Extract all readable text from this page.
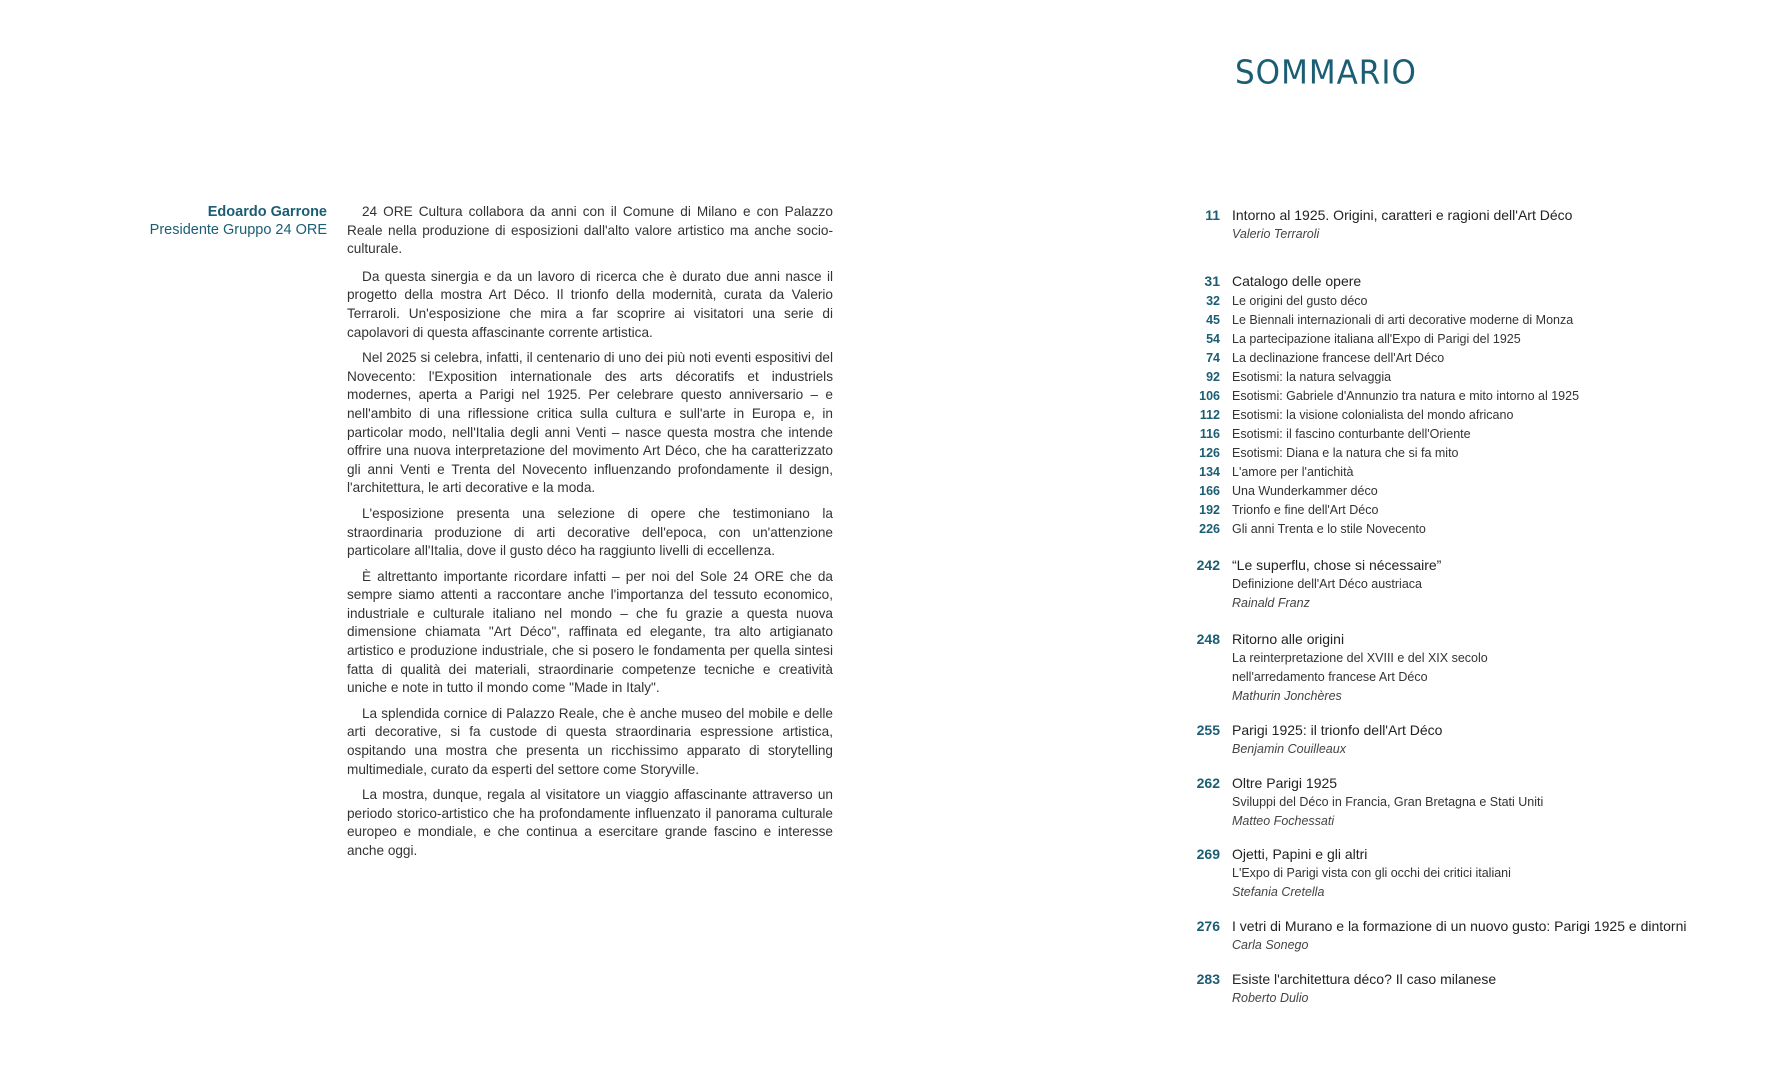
Edoardo Garrone
Presidente Gruppo 24 ORE

24 ORE Cultura collabora da anni con il Comune di Milano e con Palazzo Reale nella produzione di esposizioni dall'alto valore artistico ma anche socio-culturale.

Da questa sinergia e da un lavoro di ricerca che è durato due anni nasce il progetto della mostra Art Déco. Il trionfo della modernità, curata da Valerio Terraroli. Un'esposizione che mira a far scoprire ai visitatori una serie di capolavori di questa affascinante corrente artistica.

Nel 2025 si celebra, infatti, il centenario di uno dei più noti eventi espositivi del Novecento: l'Exposition internationale des arts décoratifs et industriels modernes, aperta a Parigi nel 1925. Per celebrare questo anniversario – e nell'ambito di una riflessione critica sulla cultura e sull'arte in Europa e, in particolar modo, nell'Italia degli anni Venti – nasce questa mostra che intende offrire una nuova interpretazione del movimento Art Déco, che ha caratterizzato gli anni Venti e Trenta del Novecento influenzando profondamente il design, l'architettura, le arti decorative e la moda.

L'esposizione presenta una selezione di opere che testimoniano la straordinaria produzione di arti decorative dell'epoca, con un'attenzione particolare all'Italia, dove il gusto déco ha raggiunto livelli di eccellenza.

È altrettanto importante ricordare infatti – per noi del Sole 24 ORE che da sempre siamo attenti a raccontare anche l'importanza del tessuto economico, industriale e culturale italiano nel mondo – che fu grazie a questa nuova dimensione chiamata "Art Déco", raffinata ed elegante, tra alto artigianato artistico e produzione industriale, che si posero le fondamenta per quella sintesi fatta di qualità dei materiali, straordinarie competenze tecniche e creatività uniche e note in tutto il mondo come "Made in Italy".

La splendida cornice di Palazzo Reale, che è anche museo del mobile e delle arti decorative, si fa custode di questa straordinaria espressione artistica, ospitando una mostra che presenta un ricchissimo apparato di storytelling multimediale, curato da esperti del settore come Storyville.

La mostra, dunque, regala al visitatore un viaggio affascinante attraverso un periodo storico-artistico che ha profondamente influenzato il panorama culturale europeo e mondiale, e che continua a esercitare grande fascino e interesse anche oggi.

SOMMARIO
11 Intorno al 1925. Origini, caratteri e ragioni dell'Art Déco
Valerio Terraroli
31 Catalogo delle opere
32 Le origini del gusto déco
45 Le Biennali internazionali di arti decorative moderne di Monza
54 La partecipazione italiana all'Expo di Parigi del 1925
74 La declinazione francese dell'Art Déco
92 Esotismi: la natura selvaggia
106 Esotismi: Gabriele d'Annunzio tra natura e mito intorno al 1925
112 Esotismi: la visione colonialista del mondo africano
116 Esotismi: il fascino conturbante dell'Oriente
126 Esotismi: Diana e la natura che si fa mito
134 L'amore per l'antichità
166 Una Wunderkammer déco
192 Trionfo e fine dell'Art Déco
226 Gli anni Trenta e lo stile Novecento
242 “Le superflu, chose si nécessaire”
Definizione dell'Art Déco austriaca
Rainald Franz
248 Ritorno alle origini
La reinterpretazione del XVIII e del XIX secolo
nell'arredamento francese Art Déco
Mathurin Jonchères
255 Parigi 1925: il trionfo dell'Art Déco
Benjamin Couilleaux
262 Oltre Parigi 1925
Sviluppi del Déco in Francia, Gran Bretagna e Stati Uniti
Matteo Fochessati
269 Ojetti, Papini e gli altri
L'Expo di Parigi vista con gli occhi dei critici italiani
Stefania Cretella
276 I vetri di Murano e la formazione di un nuovo gusto: Parigi 1925 e dintorni
Carla Sonego
283 Esiste l'architettura déco? Il caso milanese
Roberto Dulio
